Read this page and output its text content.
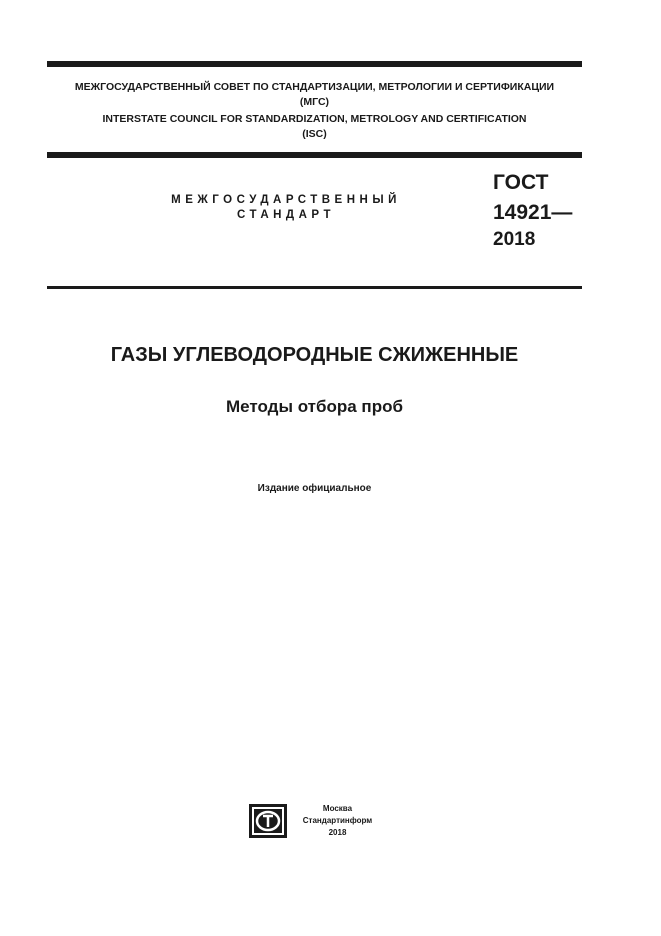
МЕЖГОСУДАРСТВЕННЫЙ СОВЕТ ПО СТАНДАРТИЗАЦИИ, МЕТРОЛОГИИ И СЕРТИФИКАЦИИ
(МГС)
INTERSTATE COUNCIL FOR STANDARDIZATION, METROLOGY AND CERTIFICATION
(ISC)
МЕЖГОСУДАРСТВЕННЫЙ
СТАНДАРТ
ГОСТ
14921—
2018
ГАЗЫ УГЛЕВОДОРОДНЫЕ СЖИЖЕННЫЕ
Методы отбора проб
Издание официальное
Москва
Стандартинформ
2018
